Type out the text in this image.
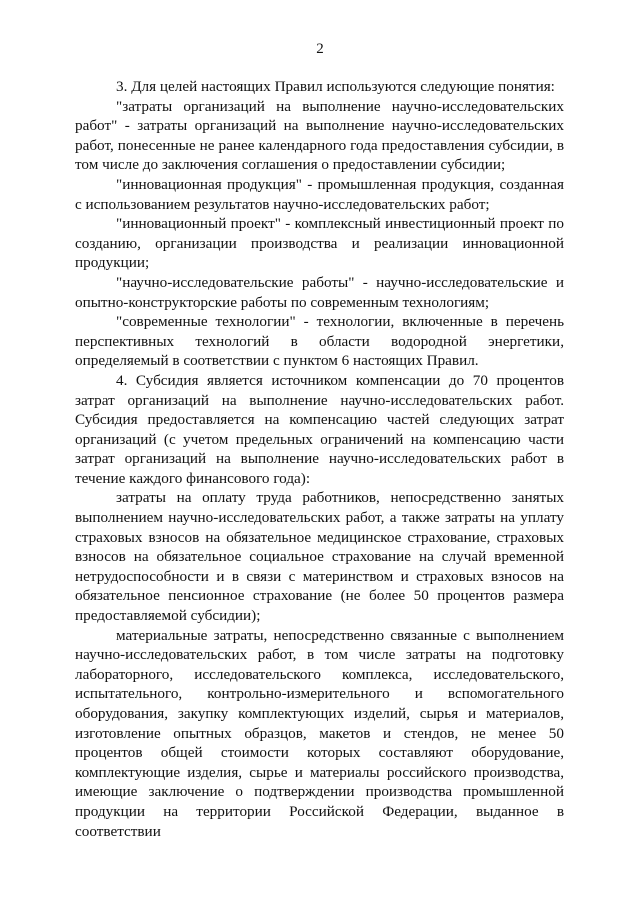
2

3. Для целей настоящих Правил используются следующие понятия:

"затраты организаций на выполнение научно-исследовательских работ" - затраты организаций на выполнение научно-исследовательских работ, понесенные не ранее календарного года предоставления субсидии, в том числе до заключения соглашения о предоставлении субсидии;

"инновационная продукция" - промышленная продукция, созданная с использованием результатов научно-исследовательских работ;

"инновационный проект" - комплексный инвестиционный проект по созданию, организации производства и реализации инновационной продукции;

"научно-исследовательские работы" - научно-исследовательские и опытно-конструкторские работы по современным технологиям;

"современные технологии" - технологии, включенные в перечень перспективных технологий в области водородной энергетики, определяемый в соответствии с пунктом 6 настоящих Правил.

4. Субсидия является источником компенсации до 70 процентов затрат организаций на выполнение научно-исследовательских работ. Субсидия предоставляется на компенсацию частей следующих затрат организаций (с учетом предельных ограничений на компенсацию части затрат организаций на выполнение научно-исследовательских работ в течение каждого финансового года):

затраты на оплату труда работников, непосредственно занятых выполнением научно-исследовательских работ, а также затраты на уплату страховых взносов на обязательное медицинское страхование, страховых взносов на обязательное социальное страхование на случай временной нетрудоспособности и в связи с материнством и страховых взносов на обязательное пенсионное страхование (не более 50 процентов размера предоставляемой субсидии);

материальные затраты, непосредственно связанные с выполнением научно-исследовательских работ, в том числе затраты на подготовку лабораторного, исследовательского комплекса, исследовательского, испытательного, контрольно-измерительного и вспомогательного оборудования, закупку комплектующих изделий, сырья и материалов, изготовление опытных образцов, макетов и стендов, не менее 50 процентов общей стоимости которых составляют оборудование, комплектующие изделия, сырье и материалы российского производства, имеющие заключение о подтверждении производства промышленной продукции на территории Российской Федерации, выданное в соответствии
